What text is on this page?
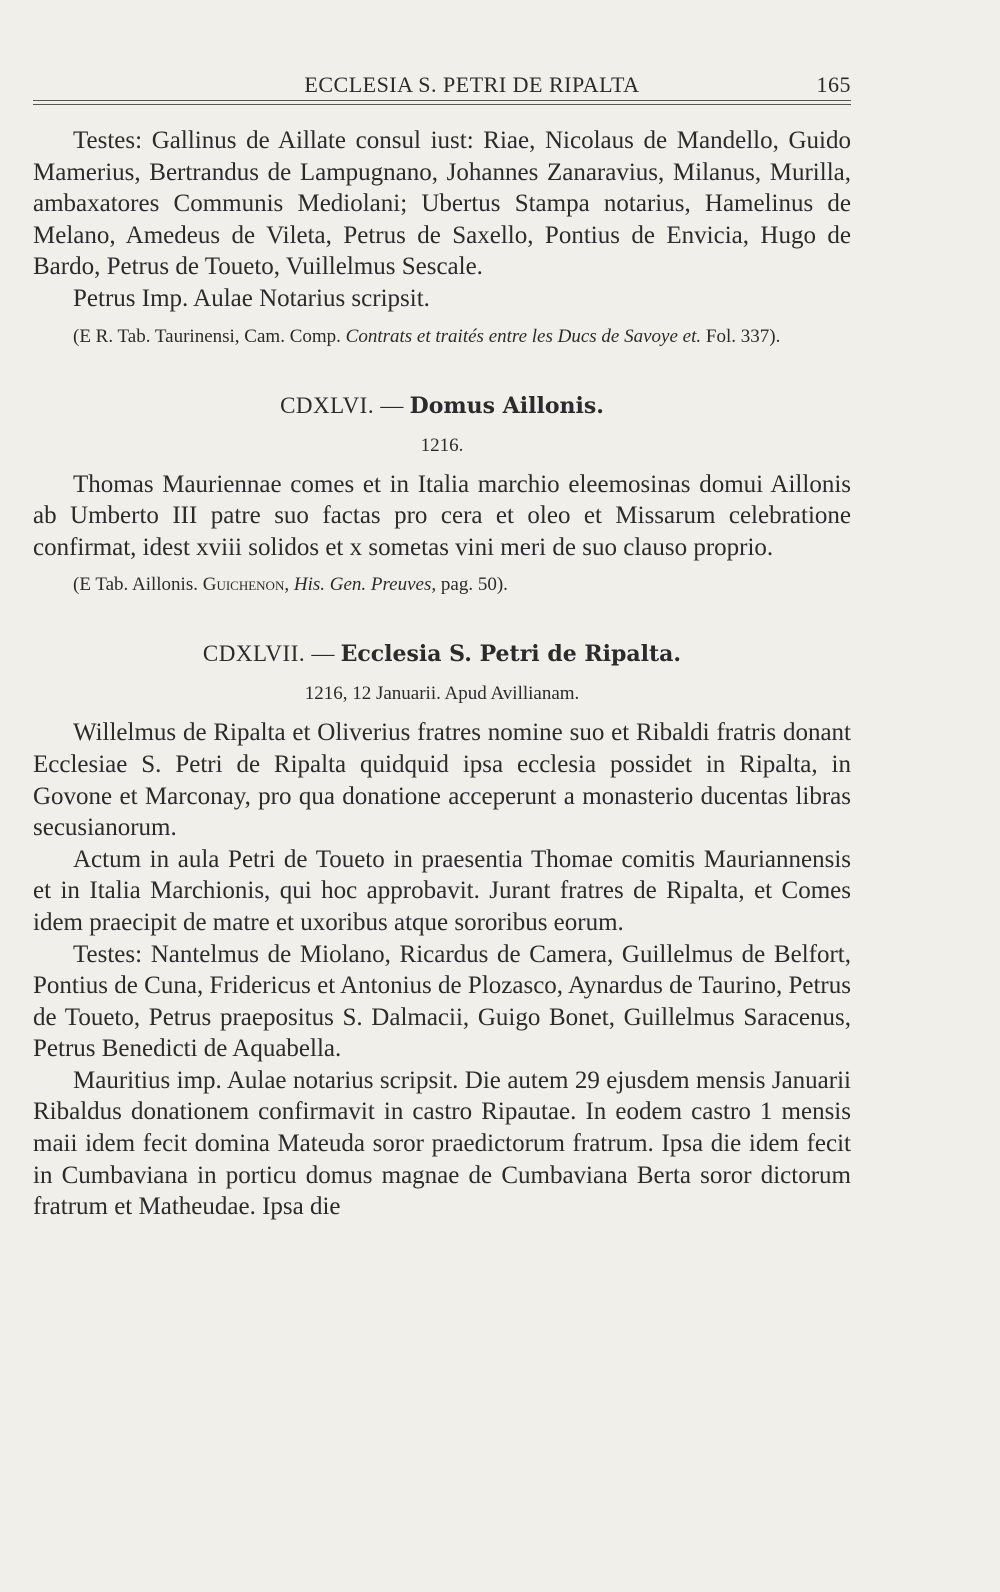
ECCLESIA S. PETRI DE RIPALTA	165

Testes: Gallinus de Aillate consul iust: Riae, Nicolaus de Mandello, Guido Mamerius, Bertrandus de Lampugnano, Johannes Zanaravius, Milanus, Murilla, ambaxatores Communis Mediolani; Ubertus Stampa notarius, Hamelinus de Melano, Amedeus de Vileta, Petrus de Saxello, Pontius de Envicia, Hugo de Bardo, Petrus de Toueto, Vuillelmus Sescale.

Petrus Imp. Aulae Notarius scripsit.

(E R. Tab. Taurinensi, Cam. Comp. Contrats et traités entre les Ducs de Savoye et. Fol. 337).
CDXLVI. — Domus Aillonis.
1216.

Thomas Mauriennae comes et in Italia marchio eleemosinas domui Aillonis ab Umberto III patre suo factas pro cera et oleo et Missarum celebratione confirmat, idest xviii solidos et x sometas vini meri de suo clauso proprio.

(E Tab. Aillonis. Guichenon, His. Gen. Preuves, pag. 50).
CDXLVII. — Ecclesia S. Petri de Ripalta.
1216, 12 Januarii. Apud Avillianam.

Willelmus de Ripalta et Oliverius fratres nomine suo et Ribaldi fratris donant Ecclesiae S. Petri de Ripalta quidquid ipsa ecclesia possidet in Ripalta, in Govone et Marconay, pro qua donatione acceperunt a monasterio ducentas libras secusianorum.

Actum in aula Petri de Toueto in praesentia Thomae comitis Mauriannensis et in Italia Marchionis, qui hoc approbavit. Jurant fratres de Ripalta, et Comes idem praecipit de matre et uxoribus atque sororibus eorum.

Testes: Nantelmus de Miolano, Ricardus de Camera, Guillelmus de Belfort, Pontius de Cuna, Fridericus et Antonius de Plozasco, Aynardus de Taurino, Petrus de Toueto, Petrus praepositus S. Dalmacii, Guigo Bonet, Guillelmus Saracenus, Petrus Benedicti de Aquabella.

Mauritius imp. Aulae notarius scripsit. Die autem 29 ejusdem mensis Januarii Ribaldus donationem confirmavit in castro Ripautae. In eodem castro 1 mensis maii idem fecit domina Mateuda soror praedictorum fratrum. Ipsa die idem fecit in Cumbaviana in porticu domus magnae de Cumbaviana Berta soror dictorum fratrum et Matheudae. Ipsa die
